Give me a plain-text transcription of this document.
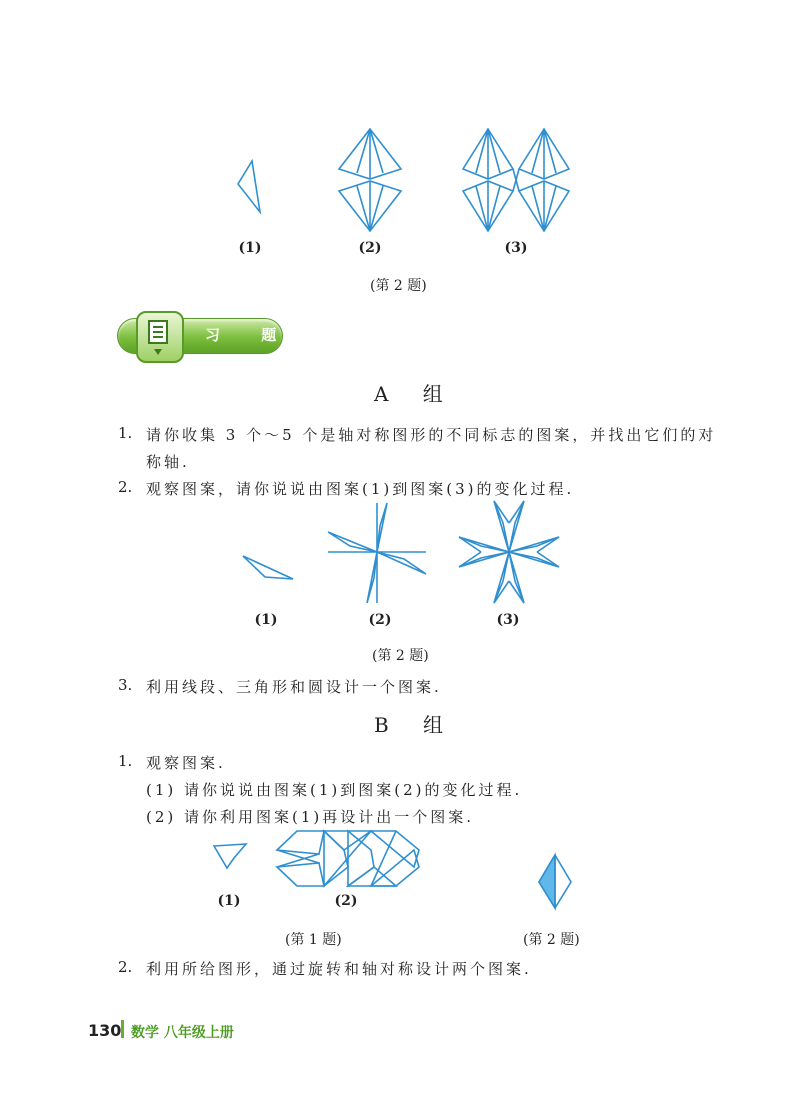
(1)	(2)	(3)
(第 2 题)
习 题
A 组
1. 请你收集 3 个～5 个是轴对称图形的不同标志的图案，并找出它们的对
称轴.
2. 观察图案，请你说说由图案(1)到图案(3)的变化过程.
(1)	(2)	(3)
(第 2 题)
3. 利用线段、三角形和圆设计一个图案.
B 组
1. 观察图案.
(1) 请你说说由图案(1)到图案(2)的变化过程.
(2) 请你利用图案(1)再设计出一个图案.
(1)	(2)
(第 1 题)	(第 2 题)
2. 利用所给图形，通过旋转和轴对称设计两个图案.
130 数学 八年级上册
